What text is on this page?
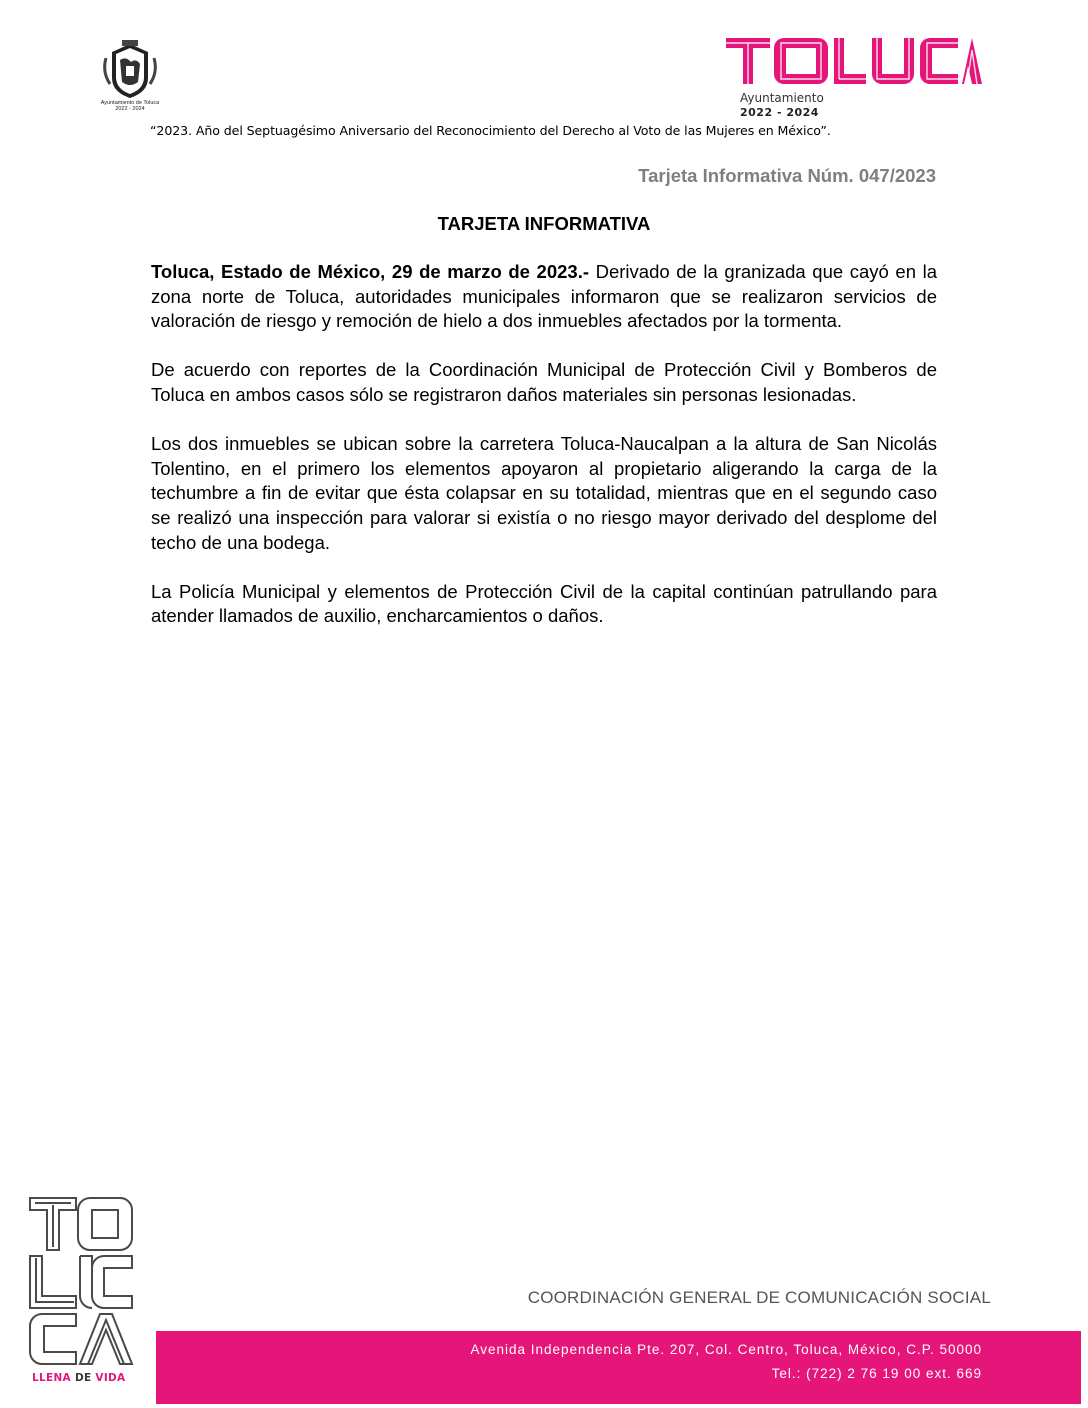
Ayuntamiento de Toluca
2022 - 2024
Ayuntamiento
2022 - 2024
“2023. Año del Septuagésimo Aniversario del Reconocimiento del Derecho al Voto de las Mujeres en México”.
Tarjeta Informativa Núm. 047/2023
TARJETA INFORMATIVA

Toluca, Estado de México, 29 de marzo de 2023.- Derivado de la granizada que cayó en la zona norte de Toluca, autoridades municipales informaron que se realizaron servicios de valoración de riesgo y remoción de hielo a dos inmuebles afectados por la tormenta.

De acuerdo con reportes de la Coordinación Municipal de Protección Civil y Bomberos de Toluca en ambos casos sólo se registraron daños materiales sin personas lesionadas.

Los dos inmuebles se ubican sobre la carretera Toluca-Naucalpan a la altura de San Nicolás Tolentino, en el primero los elementos apoyaron al propietario aligerando la carga de la techumbre a fin de evitar que ésta colapsar en su totalidad, mientras que en el segundo caso se realizó una inspección para valorar si existía o no riesgo mayor derivado del desplome del techo de una bodega.

La Policía Municipal y elementos de Protección Civil de la capital continúan patrullando para atender llamados de auxilio, encharcamientos o daños.

LLENA DE VIDA
COORDINACIÓN GENERAL DE COMUNICACIÓN SOCIAL
Avenida Independencia Pte. 207, Col. Centro, Toluca, México, C.P. 50000
Tel.: (722) 2 76 19 00 ext. 669
